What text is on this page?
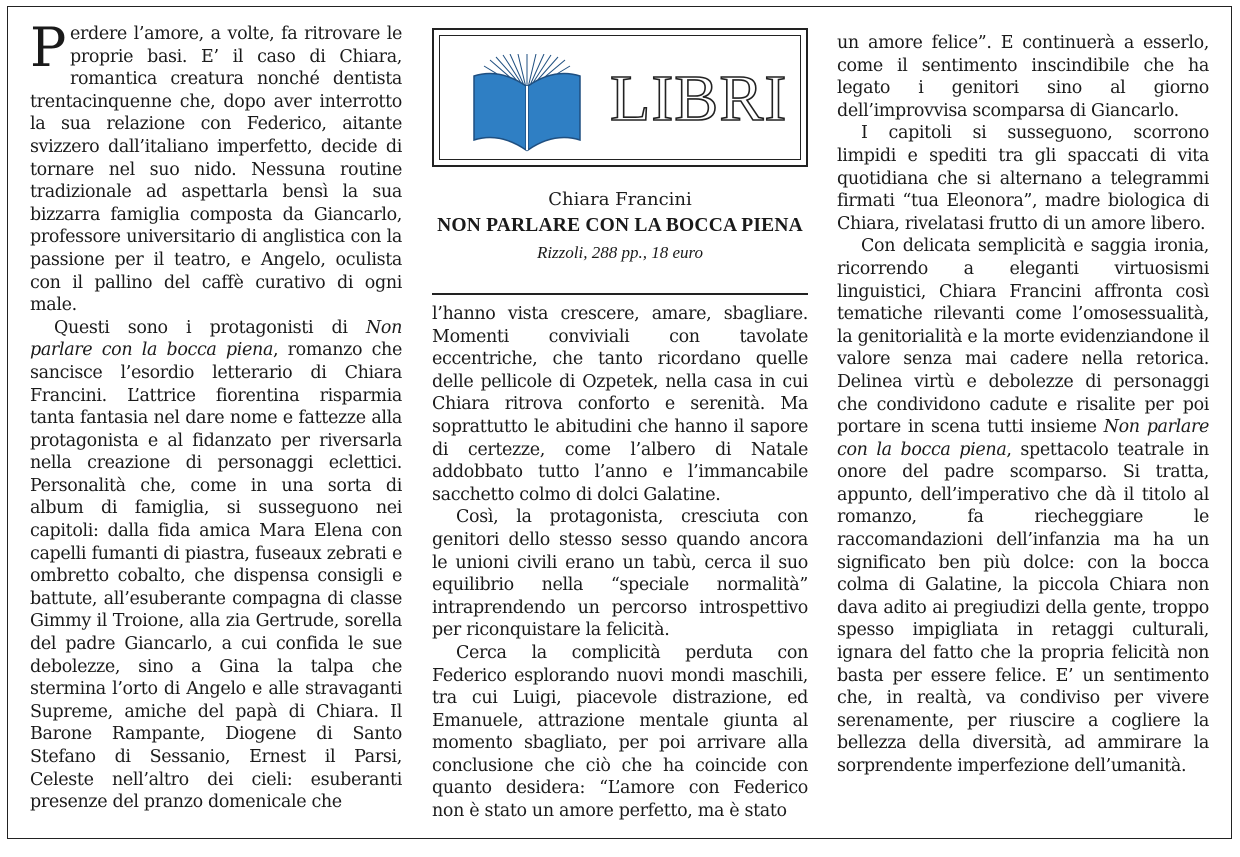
Perdere l’amore, a volte, fa ritrovare le proprie basi. E’ il caso di Chiara, romantica creatura nonché dentista trentacinquenne che, dopo aver interrotto la sua relazione con Federico, aitante svizzero dall’italiano imperfetto, decide di tornare nel suo nido. Nessuna routine tradizionale ad aspettarla bensì la sua bizzarra famiglia composta da Giancarlo, professore universitario di anglistica con la passione per il teatro, e Angelo, oculista con il pallino del caffè curativo di ogni male.

Questi sono i protagonisti di Non parlare con la bocca piena, romanzo che sancisce l’esordio letterario di Chiara Francini. L’attrice fiorentina risparmia tanta fantasia nel dare nome e fattezze alla protagonista e al fidanzato per riversarla nella creazione di personaggi eclettici. Personalità che, come in una sorta di album di famiglia, si susseguono nei capitoli: dalla fida amica Mara Elena con capelli fumanti di piastra, fuseaux zebrati e ombretto cobalto, che dispensa consigli e battute, all’esuberante compagna di classe Gimmy il Troione, alla zia Gertrude, sorella del padre Giancarlo, a cui confida le sue debolezze, sino a Gina la talpa che stermina l’orto di Angelo e alle stravaganti Supreme, amiche del papà di Chiara. Il Barone Rampante, Diogene di Santo Stefano di Sessanio, Ernest il Parsi, Celeste nell’altro dei cieli: esuberanti presenze del pranzo domenicale che

LIBRI
Chiara Francini
NON PARLARE CON LA BOCCA PIENA
Rizzoli, 288 pp., 18 euro

l’hanno vista crescere, amare, sbagliare. Momenti conviviali con tavolate eccentriche, che tanto ricordano quelle delle pellicole di Ozpetek, nella casa in cui Chiara ritrova conforto e serenità. Ma soprattutto le abitudini che hanno il sapore di certezze, come l’albero di Natale addobbato tutto l’anno e l’immancabile sacchetto colmo di dolci Galatine.

Così, la protagonista, cresciuta con genitori dello stesso sesso quando ancora le unioni civili erano un tabù, cerca il suo equilibrio nella “speciale normalità” intraprendendo un percorso introspettivo per riconquistare la felicità.

Cerca la complicità perduta con Federico esplorando nuovi mondi maschili, tra cui Luigi, piacevole distrazione, ed Emanuele, attrazione mentale giunta al momento sbagliato, per poi arrivare alla conclusione che ciò che ha coincide con quanto desidera: “L’amore con Federico non è stato un amore perfetto, ma è stato

un amore felice”. E continuerà a esserlo, come il sentimento inscindibile che ha legato i genitori sino al giorno dell’improvvisa scomparsa di Giancarlo.

I capitoli si susseguono, scorrono limpidi e spediti tra gli spaccati di vita quotidiana che si alternano a telegrammi firmati “tua Eleonora”, madre biologica di Chiara, rivelatasi frutto di un amore libero.

Con delicata semplicità e saggia ironia, ricorrendo a eleganti virtuosismi linguistici, Chiara Francini affronta così tematiche rilevanti come l’omosessualità, la genitorialità e la morte evidenziandone il valore senza mai cadere nella retorica. Delinea virtù e debolezze di personaggi che condividono cadute e risalite per poi portare in scena tutti insieme Non parlare con la bocca piena, spettacolo teatrale in onore del padre scomparso. Si tratta, appunto, dell’imperativo che dà il titolo al romanzo, fa riecheggiare le raccomandazioni dell’infanzia ma ha un significato ben più dolce: con la bocca colma di Galatine, la piccola Chiara non dava adito ai pregiudizi della gente, troppo spesso impigliata in retaggi culturali, ignara del fatto che la propria felicità non basta per essere felice. E’ un sentimento che, in realtà, va condiviso per vivere serenamente, per riuscire a cogliere la bellezza della diversità, ad ammirare la sorprendente imperfezione dell’umanità.
